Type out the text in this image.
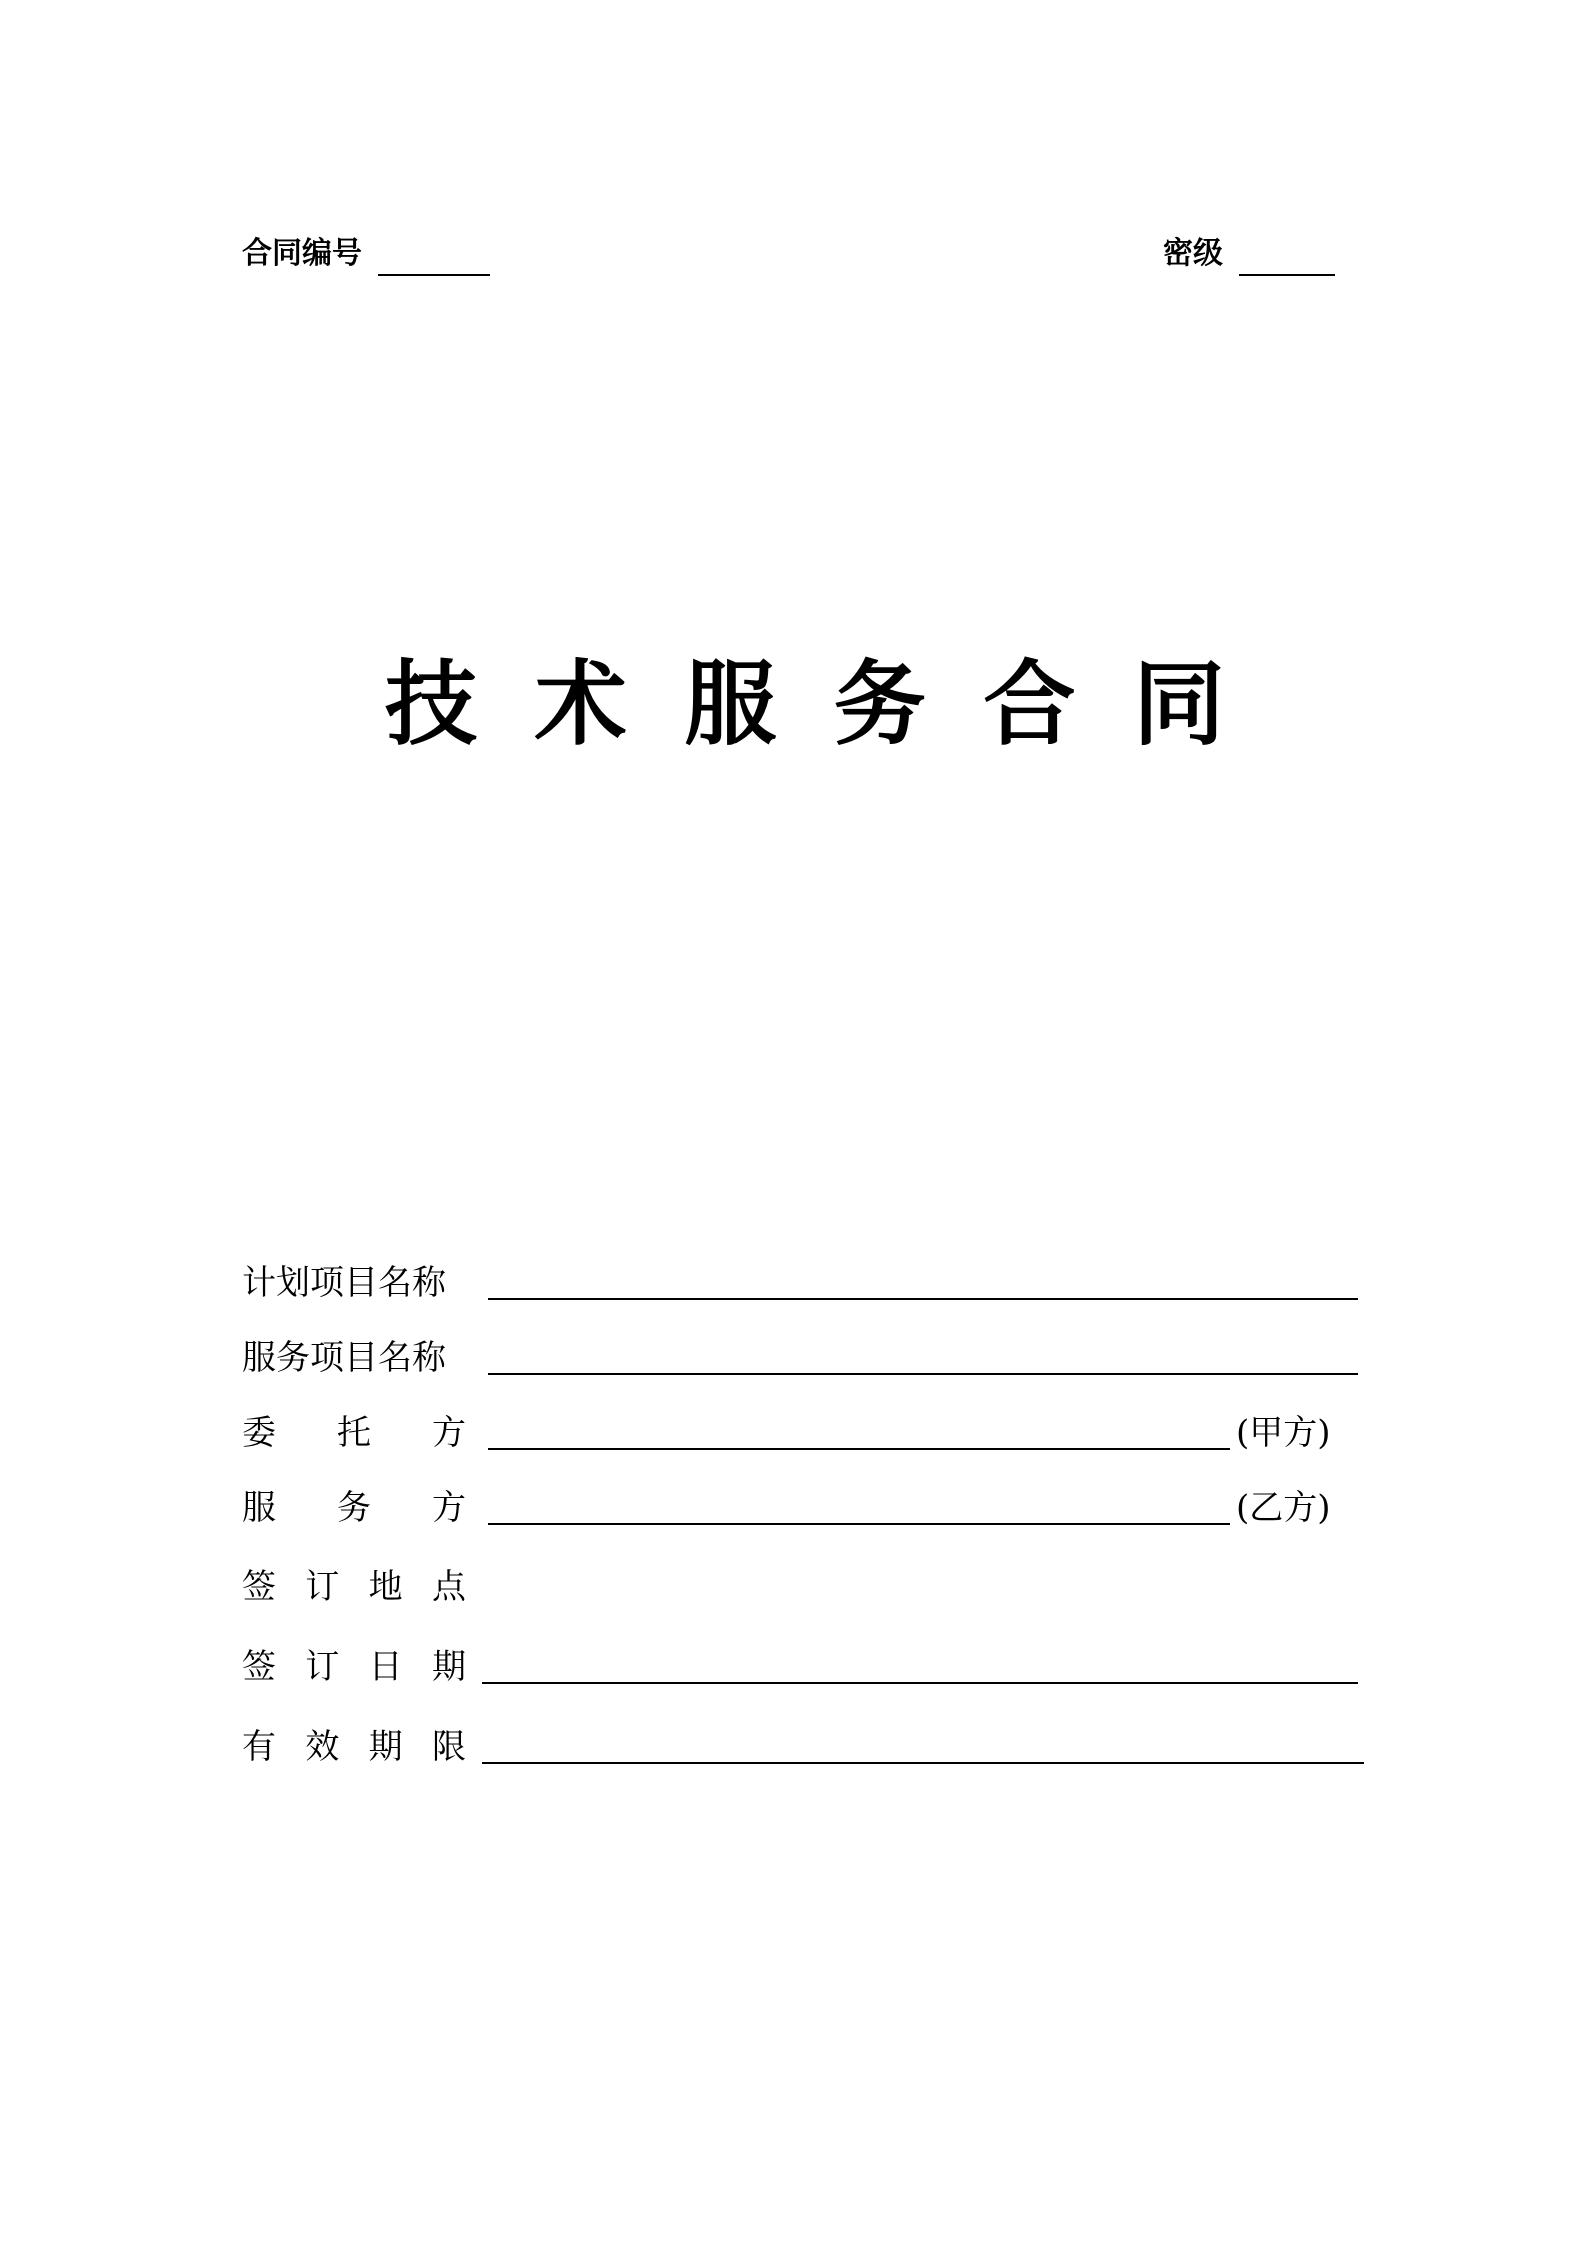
合同编号	密级
技 术 服 务 合 同
计划项目名称
服务项目名称
委 托 方	(甲方)
服 务 方	(乙方)
签 订 地 点
签 订 日 期
有 效 期 限
